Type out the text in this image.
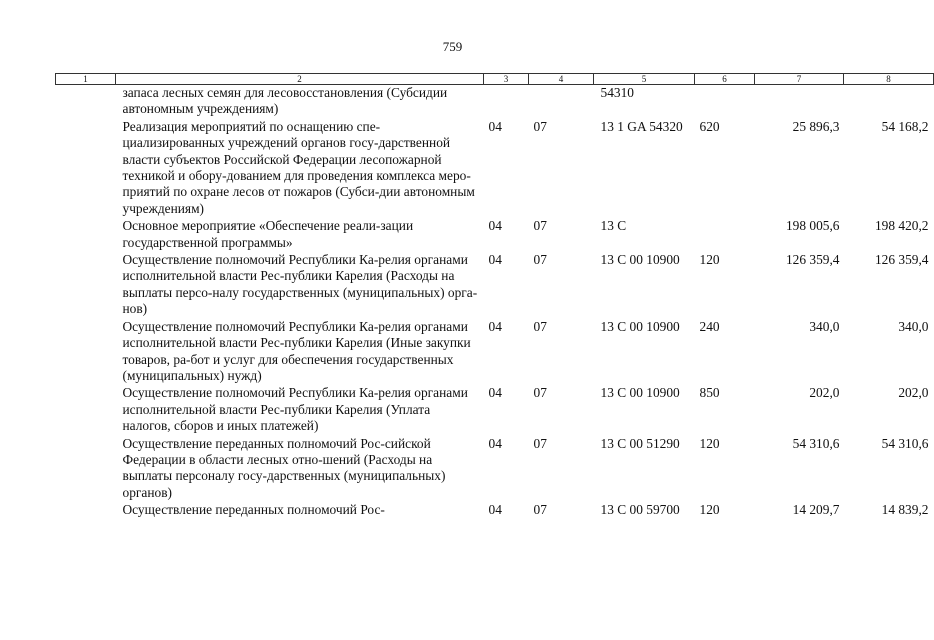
759
1	2	3	4	5	6	7	8
	запаса лесных семян для лесовосстановления (Субсидии автономным учреждениям)			54310			
	Реализация мероприятий по оснащению спе-циализированных учреждений органов госу-дарственной власти субъектов Российской Федерации лесопожарной техникой и обору-дованием для проведения комплекса меро-приятий по охране лесов от пожаров (Субси-дии автономным учреждениям)	04	07	13 1 GA 54320	620	25 896,3	54 168,2
	Основное мероприятие «Обеспечение реали-зации государственной программы»	04	07	13 С		198 005,6	198 420,2
	Осуществление полномочий Республики Ка-релия органами исполнительной власти Рес-публики Карелия (Расходы на выплаты персо-налу государственных (муниципальных) орга-нов)	04	07	13 С 00 10900	120	126 359,4	126 359,4
	Осуществление полномочий Республики Ка-релия органами исполнительной власти Рес-публики Карелия (Иные закупки товаров, ра-бот и услуг для обеспечения государственных (муниципальных) нужд)	04	07	13 С 00 10900	240	340,0	340,0
	Осуществление полномочий Республики Ка-релия органами исполнительной власти Рес-публики Карелия (Уплата налогов, сборов и иных платежей)	04	07	13 С 00 10900	850	202,0	202,0
	Осуществление переданных полномочий Рос-сийской Федерации в области лесных отно-шений (Расходы на выплаты персоналу госу-дарственных (муниципальных) органов)	04	07	13 С 00 51290	120	54 310,6	54 310,6
	Осуществление переданных полномочий Рос-	04	07	13 С 00 59700	120	14 209,7	14 839,2
